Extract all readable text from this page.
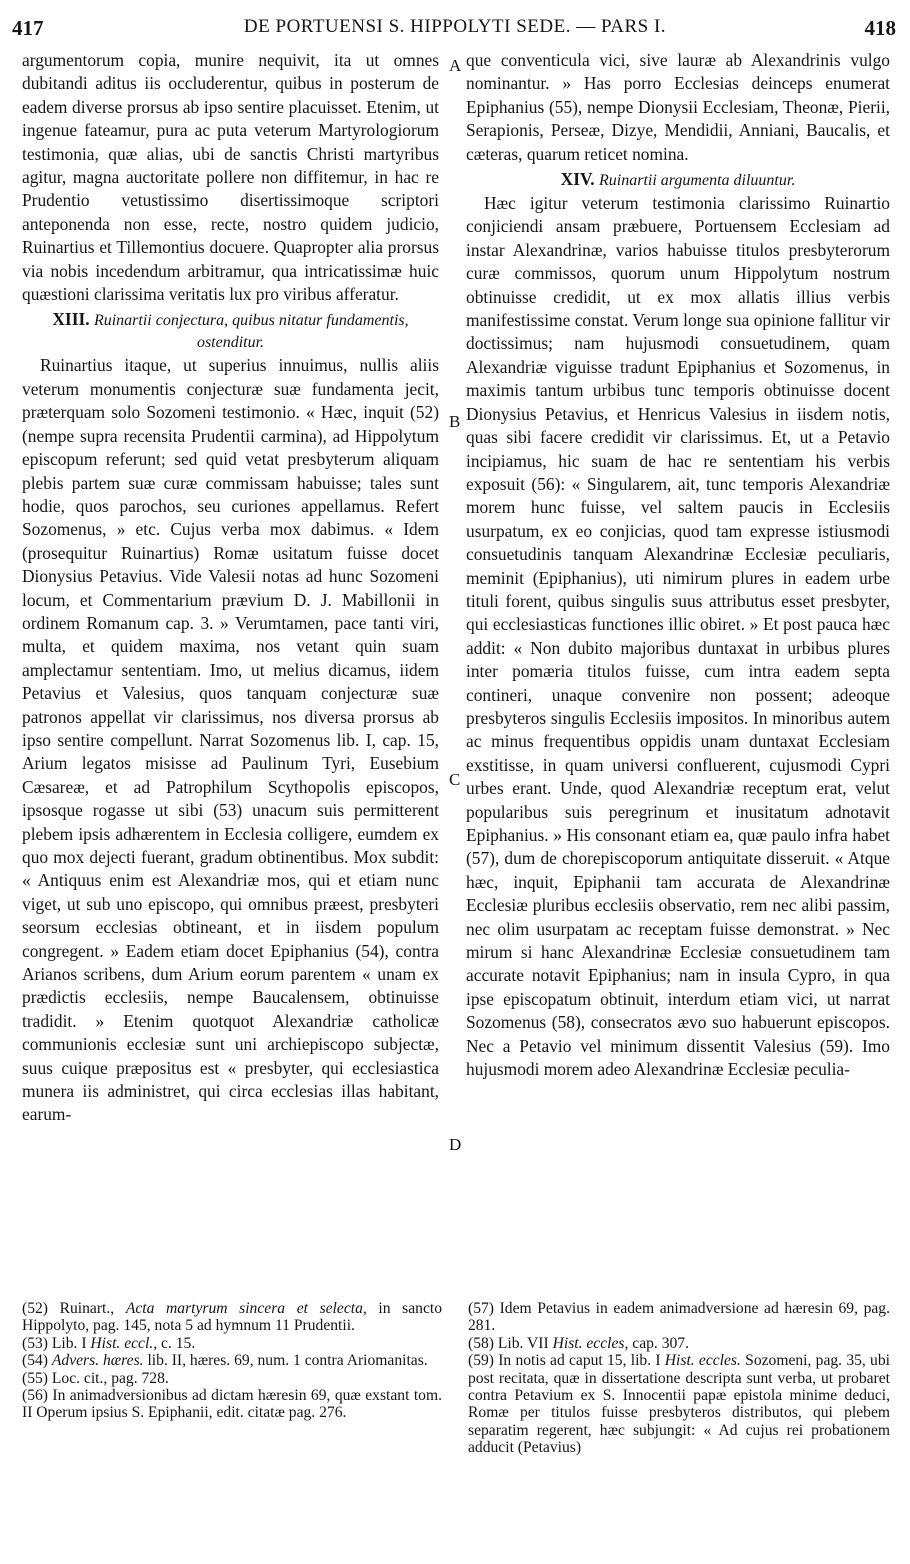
417	DE PORTUENSI S. HIPPOLYTI SEDE. — PARS I.	418
A
B
C
D

argumentorum copia, munire nequivit, ita ut omnes dubitandi aditus iis occluderentur, quibus in posterum de eadem diverse prorsus ab ipso sentire placuisset. Etenim, ut ingenue fateamur, pura ac puta veterum Martyrologiorum testimonia, quæ alias, ubi de sanctis Christi martyribus agitur, magna auctoritate pollere non diffitemur, in hac re Prudentio vetustissimo disertissimoque scriptori anteponenda non esse, recte, nostro quidem judicio, Ruinartius et Tillemontius docuere. Quapropter alia prorsus via nobis incedendum arbitramur, qua intricatissimæ huic quæstioni clarissima veritatis lux pro viribus afferatur.

XIII. Ruinartii conjectura, quibus nitatur fundamentis, ostenditur.

Ruinartius itaque, ut superius innuimus, nullis aliis veterum monumentis conjecturæ suæ fundamenta jecit, præterquam solo Sozomeni testimonio. « Hæc, inquit (52) (nempe supra recensita Prudentii carmina), ad Hippolytum episcopum referunt; sed quid vetat presbyterum aliquam plebis partem suæ curæ commissam habuisse; tales sunt hodie, quos parochos, seu curiones appellamus. Refert Sozomenus, » etc. Cujus verba mox dabimus. « Idem (prosequitur Ruinartius) Romæ usitatum fuisse docet Dionysius Petavius. Vide Valesii notas ad hunc Sozomeni locum, et Commentarium prævium D. J. Mabillonii in ordinem Romanum cap. 3. » Verumtamen, pace tanti viri, multa, et quidem maxima, nos vetant quin suam amplectamur sententiam. Imo, ut melius dicamus, iidem Petavius et Valesius, quos tanquam conjecturæ suæ patronos appellat vir clarissimus, nos diversa prorsus ab ipso sentire compellunt. Narrat Sozomenus lib. I, cap. 15, Arium legatos misisse ad Paulinum Tyri, Eusebium Cæsareæ, et ad Patrophilum Scythopolis episcopos, ipsosque rogasse ut sibi (53) unacum suis permitterent plebem ipsis adhærentem in Ecclesia colligere, eumdem ex quo mox dejecti fuerant, gradum obtinentibus. Mox subdit: « Antiquus enim est Alexandriæ mos, qui et etiam nunc viget, ut sub uno episcopo, qui omnibus præest, presbyteri seorsum ecclesias obtineant, et in iisdem populum congregent. » Eadem etiam docet Epiphanius (54), contra Arianos scribens, dum Arium eorum parentem « unam ex prædictis ecclesiis, nempe Baucalensem, obtinuisse tradidit. » Etenim quotquot Alexandriæ catholicæ communionis ecclesiæ sunt uni archiepiscopo subjectæ, suus cuique præpositus est « presbyter, qui ecclesiastica munera iis administret, qui circa ecclesias illas habitant, earum-

que conventicula vici, sive lauræ ab Alexandrinis vulgo nominantur. » Has porro Ecclesias deinceps enumerat Epiphanius (55), nempe Dionysii Ecclesiam, Theonæ, Pierii, Serapionis, Perseæ, Dizye, Mendidii, Anniani, Baucalis, et cæteras, quarum reticet nomina.

XIV. Ruinartii argumenta diluuntur.

Hæc igitur veterum testimonia clarissimo Ruinartio conjiciendi ansam præbuere, Portuensem Ecclesiam ad instar Alexandrinæ, varios habuisse titulos presbyterorum curæ commissos, quorum unum Hippolytum nostrum obtinuisse credidit, ut ex mox allatis illius verbis manifestissime constat. Verum longe sua opinione fallitur vir doctissimus; nam hujusmodi consuetudinem, quam Alexandriæ viguisse tradunt Epiphanius et Sozomenus, in maximis tantum urbibus tunc temporis obtinuisse docent Dionysius Petavius, et Henricus Valesius in iisdem notis, quas sibi facere credidit vir clarissimus. Et, ut a Petavio incipiamus, hic suam de hac re sententiam his verbis exposuit (56): « Singularem, ait, tunc temporis Alexandriæ morem hunc fuisse, vel saltem paucis in Ecclesiis usurpatum, ex eo conjicias, quod tam expresse istiusmodi consuetudinis tanquam Alexandrinæ Ecclesiæ peculiaris, meminit (Epiphanius), uti nimirum plures in eadem urbe tituli forent, quibus singulis suus attributus esset presbyter, qui ecclesiasticas functiones illic obiret. » Et post pauca hæc addit: « Non dubito majoribus duntaxat in urbibus plures inter pomæria titulos fuisse, cum intra eadem septa contineri, unaque convenire non possent; adeoque presbyteros singulis Ecclesiis impositos. In minoribus autem ac minus frequentibus oppidis unam duntaxat Ecclesiam exstitisse, in quam universi confluerent, cujusmodi Cypri urbes erant. Unde, quod Alexandriæ receptum erat, velut popularibus suis peregrinum et inusitatum adnotavit Epiphanius. » His consonant etiam ea, quæ paulo infra habet (57), dum de chorepiscoporum antiquitate disseruit. « Atque hæc, inquit, Epiphanii tam accurata de Alexandrinæ Ecclesiæ pluribus ecclesiis observatio, rem nec alibi passim, nec olim usurpatam ac receptam fuisse demonstrat. » Nec mirum si hanc Alexandrinæ Ecclesiæ consuetudinem tam accurate notavit Epiphanius; nam in insula Cypro, in qua ipse episcopatum obtinuit, interdum etiam vici, ut narrat Sozomenus (58), consecratos ævo suo habuerunt episcopos. Nec a Petavio vel minimum dissentit Valesius (59). Imo hujusmodi morem adeo Alexandrinæ Ecclesiæ peculia-

(52) Ruinart., Acta martyrum sincera et selecta, in sancto Hippolyto, pag. 145, nota 5 ad hymnum 11 Prudentii.

(53) Lib. I Hist. eccl., c. 15.

(54) Advers. hæres. lib. II, hæres. 69, num. 1 contra Ariomanitas.

(55) Loc. cit., pag. 728.

(56) In animadversionibus ad dictam hæresin 69, quæ exstant tom. II Operum ipsius S. Epiphanii, edit. citatæ pag. 276.

(57) Idem Petavius in eadem animadversione ad hæresin 69, pag. 281.

(58) Lib. VII Hist. eccles, cap. 307.

(59) In notis ad caput 15, lib. I Hist. eccles. Sozomeni, pag. 35, ubi post recitata, quæ in dissertatione descripta sunt verba, ut probaret contra Petavium ex S. Innocentii papæ epistola minime deduci, Romæ per titulos fuisse presbyteros distributos, qui plebem separatim regerent, hæc subjungit: « Ad cujus rei probationem adducit (Petavius)
